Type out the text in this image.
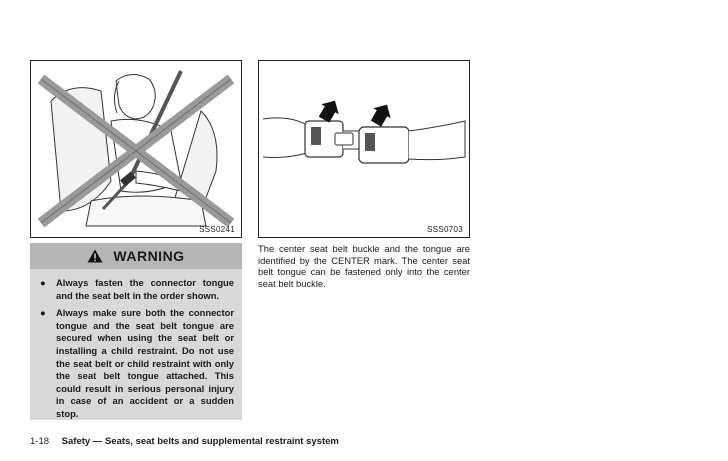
SSS0241	SSS0703
WARNING
● Always fasten the connector tongue and the seat belt in the order shown.
● Always make sure both the connector tongue and the seat belt tongue are secured when using the seat belt or installing a child restraint. Do not use the seat belt or child restraint with only the seat belt tongue attached. This could result in serious personal injury in case of an accident or a sudden stop.

The center seat belt buckle and the tongue are identified by the CENTER mark. The center seat belt tongue can be fastened only into the center seat belt buckle.

1-18 Safety — Seats, seat belts and supplemental restraint system
